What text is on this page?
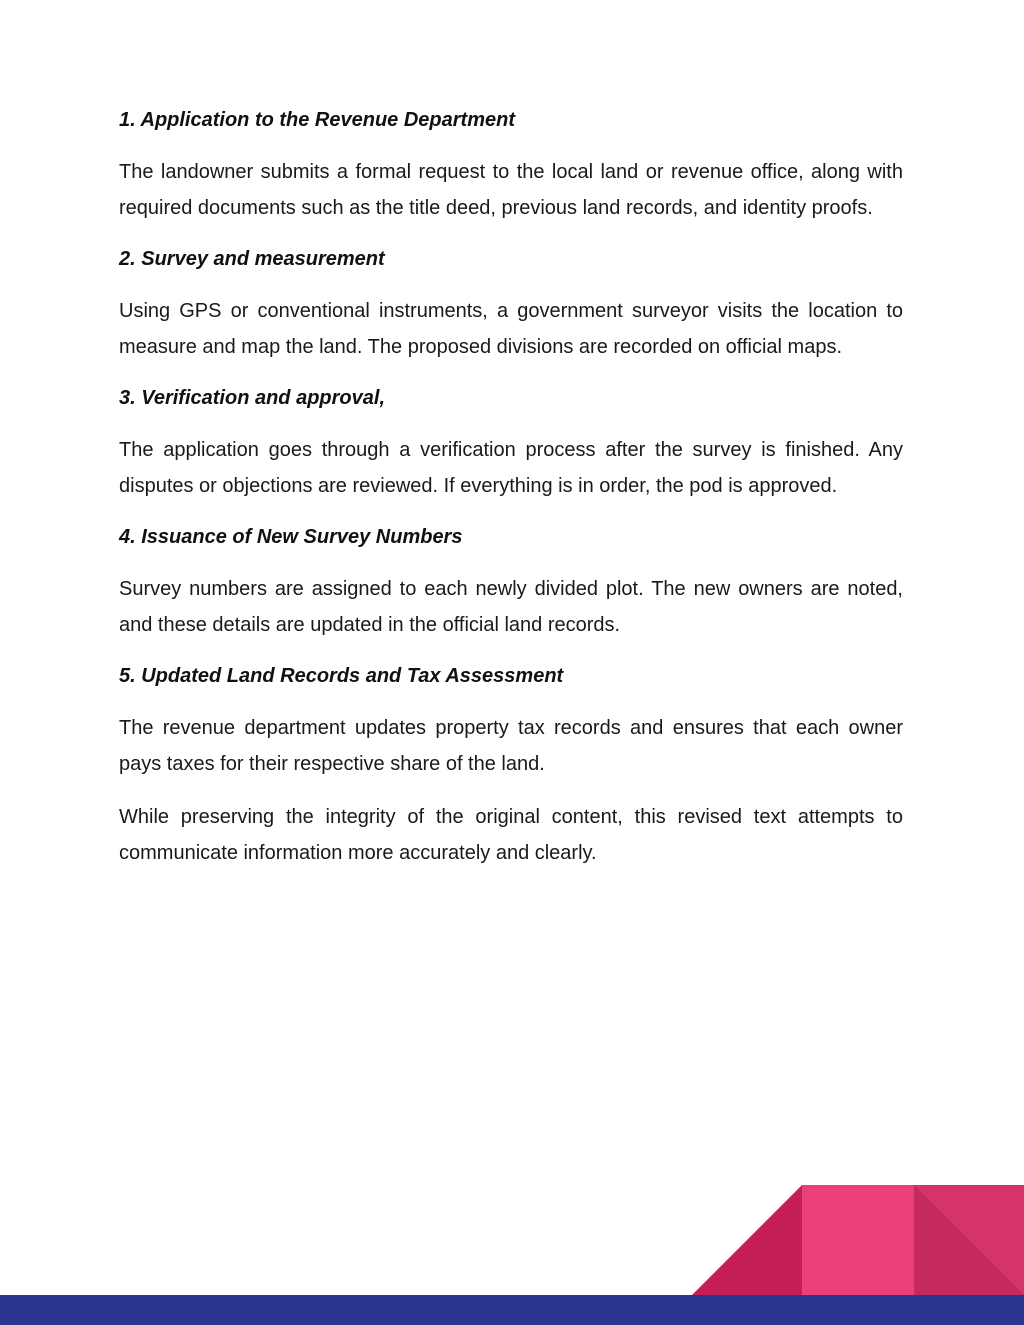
1. Application to the Revenue Department

The landowner submits a formal request to the local land or revenue office, along with required documents such as the title deed, previous land records, and identity proofs.

2. Survey and measurement

Using GPS or conventional instruments, a government surveyor visits the location to measure and map the land. The proposed divisions are recorded on official maps.

3. Verification and approval,

The application goes through a verification process after the survey is finished. Any disputes or objections are reviewed. If everything is in order, the pod is approved.

4. Issuance of New Survey Numbers

Survey numbers are assigned to each newly divided plot. The new owners are noted, and these details are updated in the official land records.

5. Updated Land Records and Tax Assessment

The revenue department updates property tax records and ensures that each owner pays taxes for their respective share of the land.

While preserving the integrity of the original content, this revised text attempts to communicate information more accurately and clearly.
